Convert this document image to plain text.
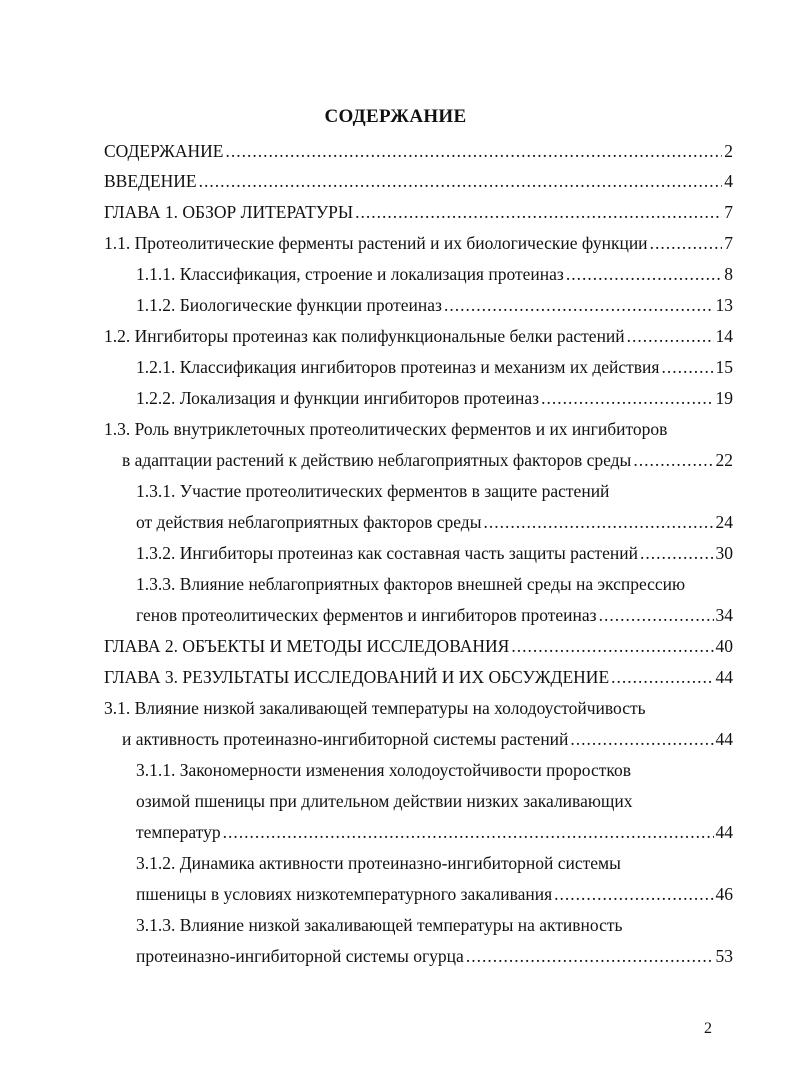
СОДЕРЖАНИЕ
СОДЕРЖАНИЕ .....	2
ВВЕДЕНИЕ .....	4
ГЛАВА 1. ОБЗОР ЛИТЕРАТУРЫ .....	7
1.1. Протеолитические ферменты растений и их биологические функции .....	7
1.1.1. Классификация, строение и локализация протеиназ .....	8
1.1.2. Биологические функции протеиназ .....	13
1.2. Ингибиторы протеиназ как полифункциональные белки растений .....	14
1.2.1. Классификация ингибиторов протеиназ и механизм их действия .....	15
1.2.2. Локализация и функции ингибиторов протеиназ .....	19
1.3. Роль внутриклеточных протеолитических ферментов и их ингибиторов
в адаптации растений к действию неблагоприятных факторов среды .....	22
1.3.1. Участие протеолитических ферментов в защите растений
от действия неблагоприятных факторов среды .....	24
1.3.2. Ингибиторы протеиназ как составная часть защиты растений .....	30
1.3.3. Влияние неблагоприятных факторов внешней среды на экспрессию
генов протеолитических ферментов и ингибиторов протеиназ .....	34
ГЛАВА 2. ОБЪЕКТЫ И МЕТОДЫ ИССЛЕДОВАНИЯ .....	40
ГЛАВА 3. РЕЗУЛЬТАТЫ ИССЛЕДОВАНИЙ И ИХ ОБСУЖДЕНИЕ .....	44
3.1. Влияние низкой закаливающей температуры на холодоустойчивость
и активность протеиназно-ингибиторной системы растений .....	44
3.1.1. Закономерности изменения холодоустойчивости проростков
озимой пшеницы при длительном действии низких закаливающих
температур .....	44
3.1.2. Динамика активности протеиназно-ингибиторной системы
пшеницы в условиях низкотемпературного закаливания .....	46
3.1.3. Влияние низкой закаливающей температуры на активность
протеиназно-ингибиторной системы огурца .....	53
2
